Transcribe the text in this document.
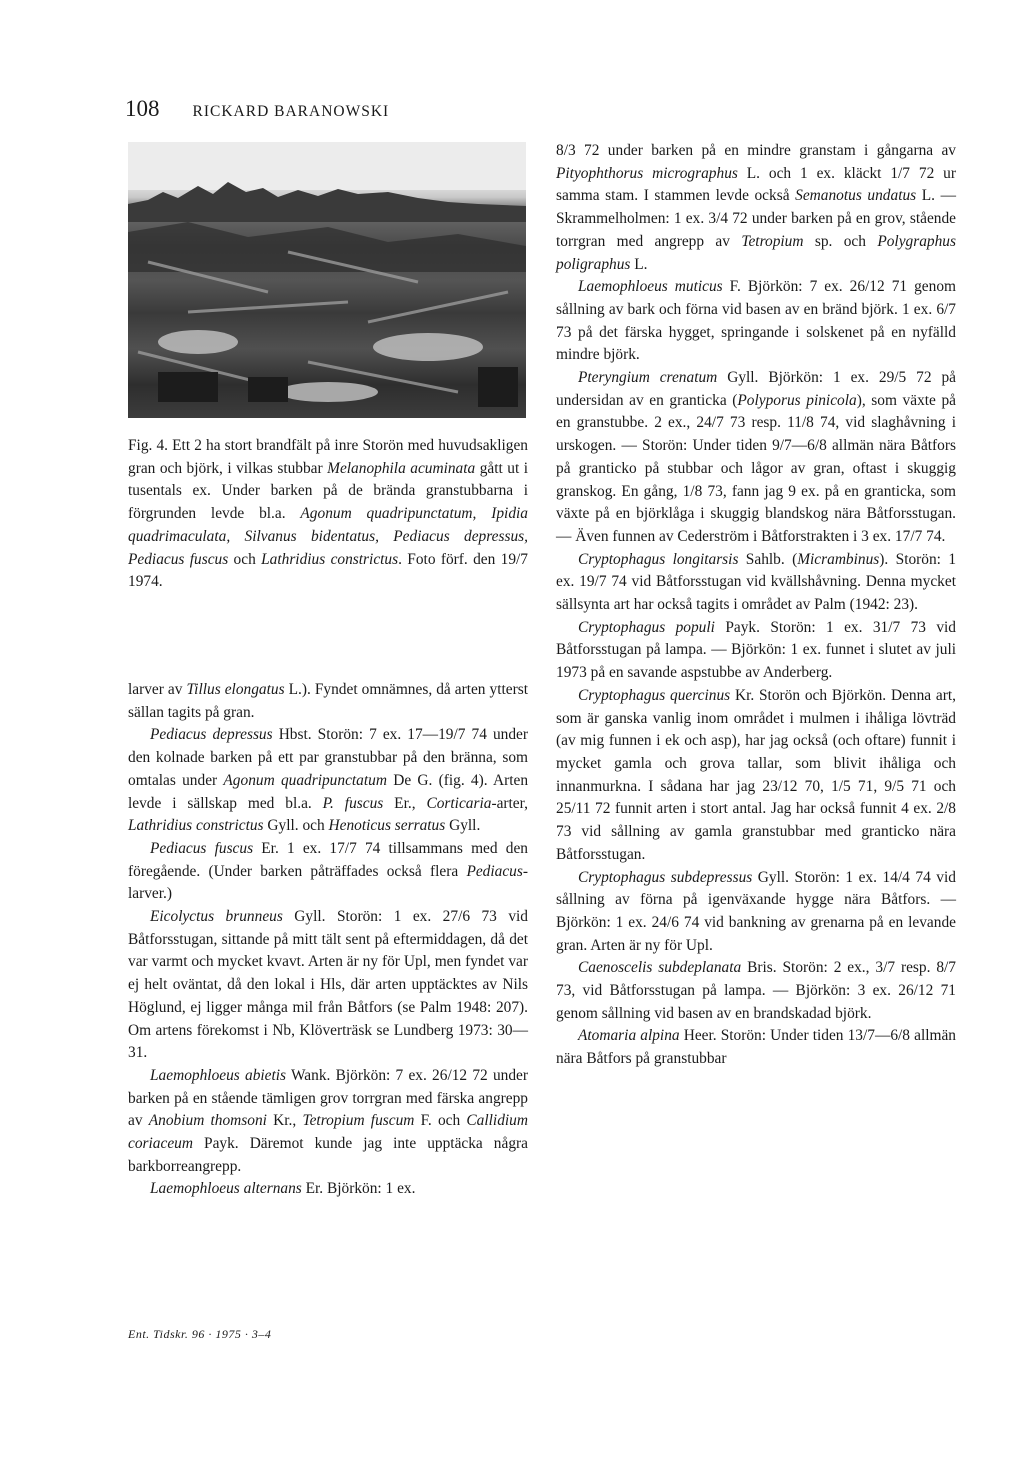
108 RICKARD BARANOWSKI

Fig. 4. Ett 2 ha stort brandfält på inre Storön med huvudsakligen gran och björk, i vilkas stubbar Melanophila acuminata gått ut i tusentals ex. Under barken på de brända granstubbarna i förgrunden levde bl.a. Agonum quadripunctatum, Ipidia quadrimaculata, Silvanus bidentatus, Pediacus depressus, Pediacus fuscus och Lathridius constrictus. Foto förf. den 19/7 1974.

larver av Tillus elongatus L.). Fyndet omnämnes, då arten ytterst sällan tagits på gran.

Pediacus depressus Hbst. Storön: 7 ex. 17—19/7 74 under den kolnade barken på ett par granstubbar på den bränna, som omtalas under Agonum quadripunctatum De G. (fig. 4). Arten levde i sällskap med bl.a. P. fuscus Er., Corticaria-arter, Lathridius constrictus Gyll. och Henoticus serratus Gyll.

Pediacus fuscus Er. 1 ex. 17/7 74 tillsammans med den föregående. (Under barken påträffades också flera Pediacus-larver.)

Eicolyctus brunneus Gyll. Storön: 1 ex. 27/6 73 vid Båtforsstugan, sittande på mitt tält sent på eftermiddagen, då det var varmt och mycket kvavt. Arten är ny för Upl, men fyndet var ej helt oväntat, då den lokal i Hls, där arten upptäcktes av Nils Höglund, ej ligger många mil från Båtfors (se Palm 1948: 207). Om artens förekomst i Nb, Klöverträsk se Lundberg 1973: 30—31.

Laemophloeus abietis Wank. Björkön: 7 ex. 26/12 72 under barken på en stående tämligen grov torrgran med färska angrepp av Anobium thomsoni Kr., Tetropium fuscum F. och Callidium coriaceum Payk. Däremot kunde jag inte upptäcka några barkborreangrepp.

Laemophloeus alternans Er. Björkön: 1 ex.

8/3 72 under barken på en mindre granstam i gångarna av Pityophthorus micrographus L. och 1 ex. kläckt 1/7 72 ur samma stam. I stammen levde också Semanotus undatus L. — Skrammelholmen: 1 ex. 3/4 72 under barken på en grov, stående torrgran med angrepp av Tetropium sp. och Polygraphus poligraphus L.

Laemophloeus muticus F. Björkön: 7 ex. 26/12 71 genom sållning av bark och förna vid basen av en bränd björk. 1 ex. 6/7 73 på det färska hygget, springande i solskenet på en nyfälld mindre björk.

Pteryngium crenatum Gyll. Björkön: 1 ex. 29/5 72 på undersidan av en granticka (Polyporus pinicola), som växte på en granstubbe. 2 ex., 24/7 73 resp. 11/8 74, vid slaghåvning i urskogen. — Storön: Under tiden 9/7—6/8 allmän nära Båtfors på granticko på stubbar och lågor av gran, oftast i skuggig granskog. En gång, 1/8 73, fann jag 9 ex. på en granticka, som växte på en björklåga i skuggig blandskog nära Båtforsstugan. — Även funnen av Cederström i Båtforstrakten i 3 ex. 17/7 74.

Cryptophagus longitarsis Sahlb. (Micrambinus). Storön: 1 ex. 19/7 74 vid Båtforsstugan vid kvällshåvning. Denna mycket sällsynta art har också tagits i området av Palm (1942: 23).

Cryptophagus populi Payk. Storön: 1 ex. 31/7 73 vid Båtforsstugan på lampa. — Björkön: 1 ex. funnet i slutet av juli 1973 på en savande aspstubbe av Anderberg.

Cryptophagus quercinus Kr. Storön och Björkön. Denna art, som är ganska vanlig inom området i mulmen i ihåliga lövträd (av mig funnen i ek och asp), har jag också (och oftare) funnit i mycket gamla och grova tallar, som blivit ihåliga och innanmurkna. I sådana har jag 23/12 70, 1/5 71, 9/5 71 och 25/11 72 funnit arten i stort antal. Jag har också funnit 4 ex. 2/8 73 vid sållning av gamla granstubbar med granticko nära Båtforsstugan.

Cryptophagus subdepressus Gyll. Storön: 1 ex. 14/4 74 vid sållning av förna på igenväxande hygge nära Båtfors. — Björkön: 1 ex. 24/6 74 vid bankning av grenarna på en levande gran. Arten är ny för Upl.

Caenoscelis subdeplanata Bris. Storön: 2 ex., 3/7 resp. 8/7 73, vid Båtforsstugan på lampa. — Björkön: 3 ex. 26/12 71 genom sållning vid basen av en brandskadad björk.

Atomaria alpina Heer. Storön: Under tiden 13/7—6/8 allmän nära Båtfors på granstubbar

Ent. Tidskr. 96 · 1975 · 3–4
